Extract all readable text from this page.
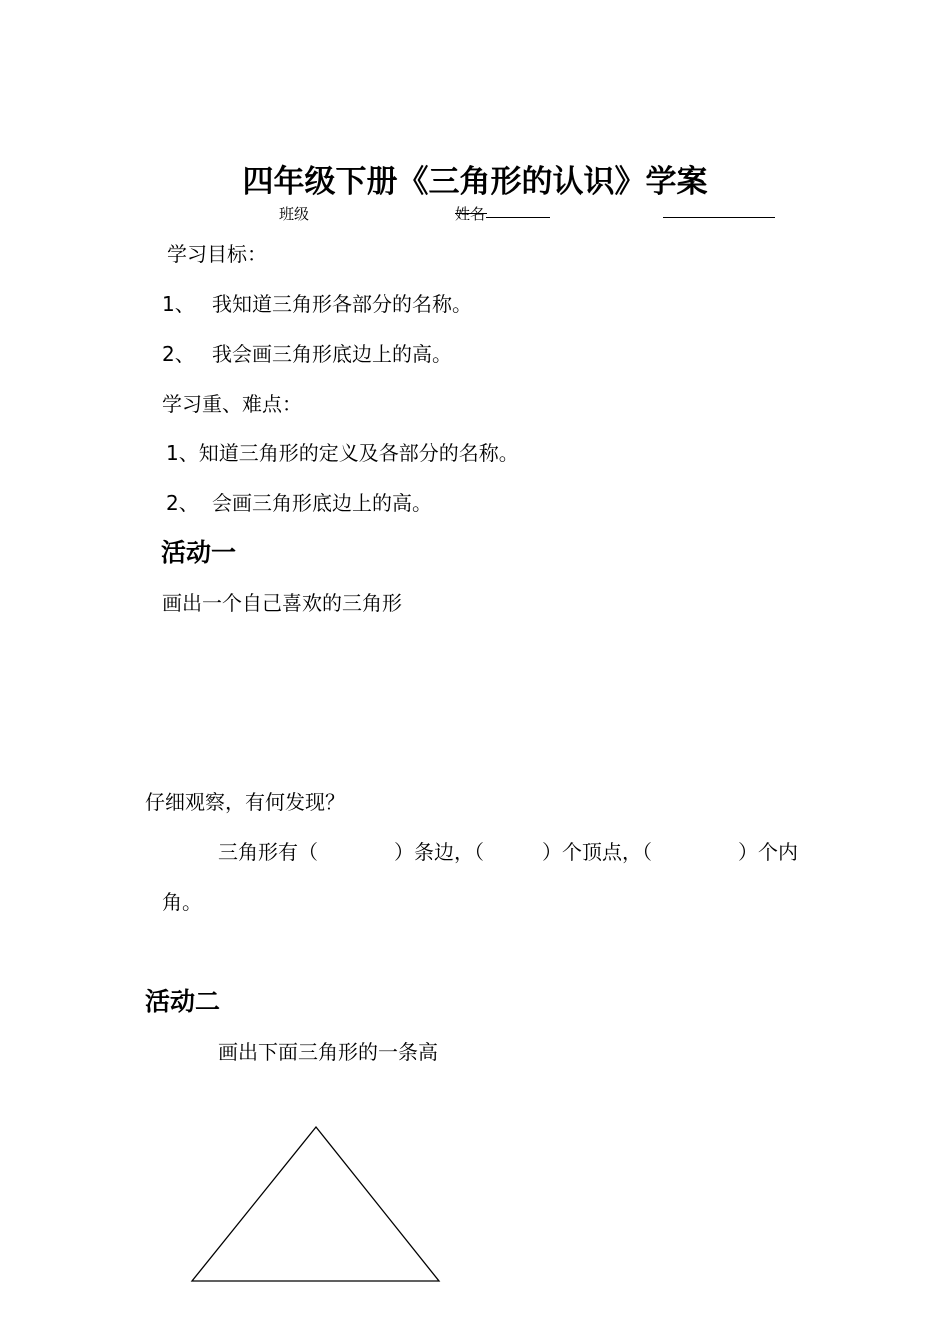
四年级下册《三角形的认识》学案
班级	姓名
学习目标：
1、 我知道三角形各部分的名称。
2、 我会画三角形底边上的高。
学习重、难点：
1、知道三角形的定义及各部分的名称。
2、 会画三角形底边上的高。
活动一
画出一个自己喜欢的三角形
仔细观察，有何发现？
三角形有（	）条边，（	）个顶点，（	）个内
角。
活动二
画出下面三角形的一条高
